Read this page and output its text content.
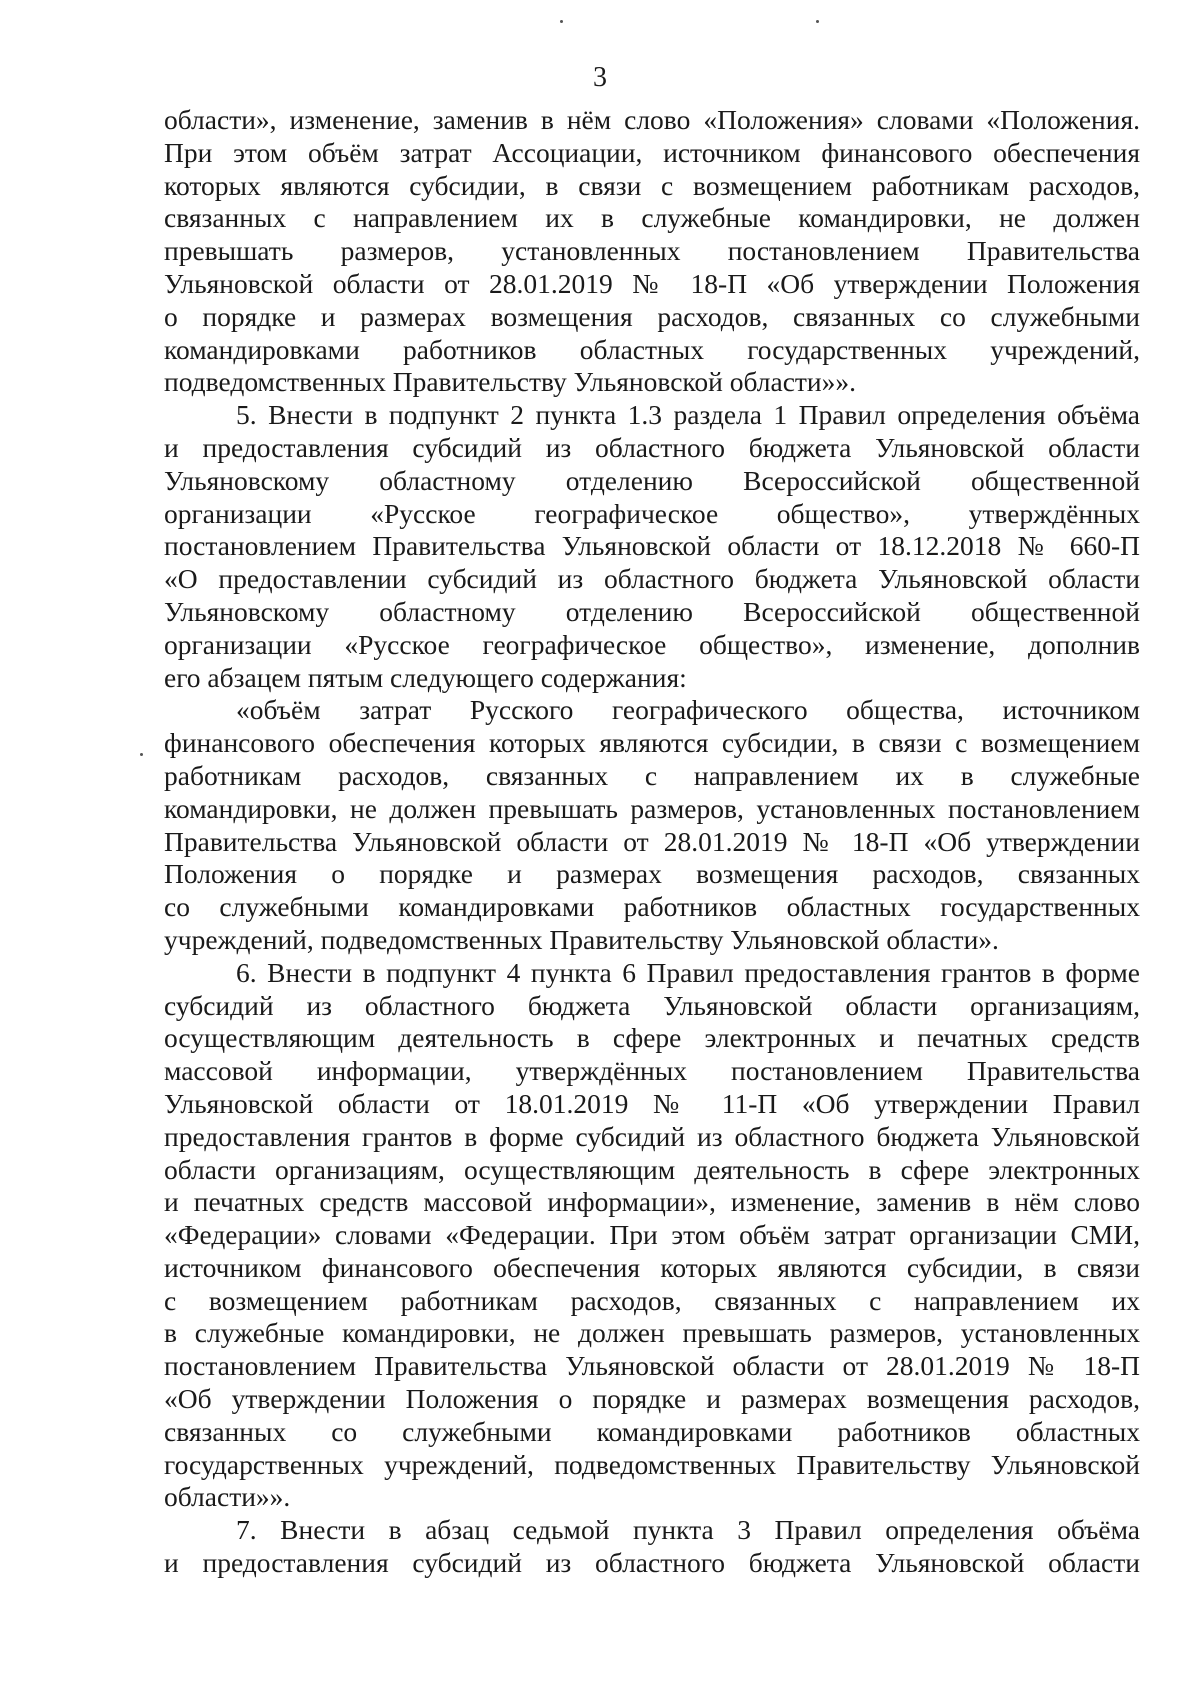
3
области», изменение, заменив в нём слово «Положения» словами «Положения.
При этом объём затрат Ассоциации, источником финансового обеспечения
которых являются субсидии, в связи с возмещением работникам расходов,
связанных с направлением их в служебные командировки, не должен
превышать размеров, установленных постановлением Правительства
Ульяновской области от 28.01.2019 № 18-П «Об утверждении Положения
о порядке и размерах возмещения расходов, связанных со служебными
командировками работников областных государственных учреждений,
подведомственных Правительству Ульяновской области»».
5. Внести в подпункт 2 пункта 1.3 раздела 1 Правил определения объёма
и предоставления субсидий из областного бюджета Ульяновской области
Ульяновскому областному отделению Всероссийской общественной
организации «Русское географическое общество», утверждённых
постановлением Правительства Ульяновской области от 18.12.2018 № 660-П
«О предоставлении субсидий из областного бюджета Ульяновской области
Ульяновскому областному отделению Всероссийской общественной
организации «Русское географическое общество», изменение, дополнив
его абзацем пятым следующего содержания:
«объём затрат Русского географического общества, источником
финансового обеспечения которых являются субсидии, в связи с возмещением
работникам расходов, связанных с направлением их в служебные
командировки, не должен превышать размеров, установленных постановлением
Правительства Ульяновской области от 28.01.2019 № 18-П «Об утверждении
Положения о порядке и размерах возмещения расходов, связанных
со служебными командировками работников областных государственных
учреждений, подведомственных Правительству Ульяновской области».
6. Внести в подпункт 4 пункта 6 Правил предоставления грантов в форме
субсидий из областного бюджета Ульяновской области организациям,
осуществляющим деятельность в сфере электронных и печатных средств
массовой информации, утверждённых постановлением Правительства
Ульяновской области от 18.01.2019 № 11-П «Об утверждении Правил
предоставления грантов в форме субсидий из областного бюджета Ульяновской
области организациям, осуществляющим деятельность в сфере электронных
и печатных средств массовой информации», изменение, заменив в нём слово
«Федерации» словами «Федерации. При этом объём затрат организации СМИ,
источником финансового обеспечения которых являются субсидии, в связи
с возмещением работникам расходов, связанных с направлением их
в служебные командировки, не должен превышать размеров, установленных
постановлением Правительства Ульяновской области от 28.01.2019 № 18-П
«Об утверждении Положения о порядке и размерах возмещения расходов,
связанных со служебными командировками работников областных
государственных учреждений, подведомственных Правительству Ульяновской
области»».
7. Внести в абзац седьмой пункта 3 Правил определения объёма
и предоставления субсидий из областного бюджета Ульяновской области
